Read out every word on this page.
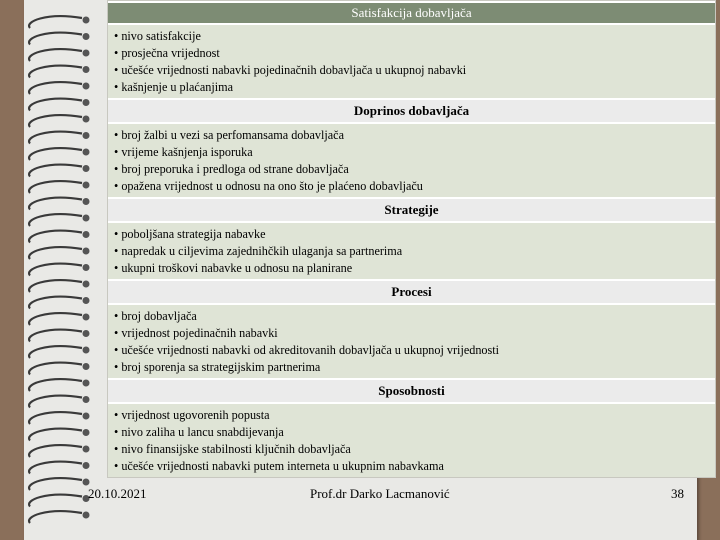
Satisfakcija dobavljača
• nivo satisfakcije
• prosječna vrijednost
• učešće vrijednosti nabavki pojedinačnih dobavljača u ukupnoj nabavki
• kašnjenje u plaćanjima
Doprinos dobavljača
• broj žalbi u vezi sa perfomansama dobavljača
• vrijeme kašnjenja isporuka
• broj preporuka i predloga od strane dobavljača
• opažena vrijednost u odnosu na ono što je plaćeno dobavljaču
Strategije
• poboljšana strategija nabavke
• napredak u ciljevima zajednihčkih ulaganja sa partnerima
• ukupni troškovi nabavke u odnosu na planirane
Procesi
• broj dobavljača
• vrijednost pojedinačnih nabavki
• učešće vrijednosti nabavki od akreditovanih dobavljača u ukupnoj vrijednosti
• broj sporenja sa strategijskim partnerima
Sposobnosti
• vrijednost ugovorenih popusta
• nivo zaliha u lancu snabdijevanja
• nivo finansijske stabilnosti ključnih dobavljača
• učešće vrijednosti nabavki putem interneta u ukupnim nabavkama
20.10.2021	Prof.dr Darko Lacmanović	38
